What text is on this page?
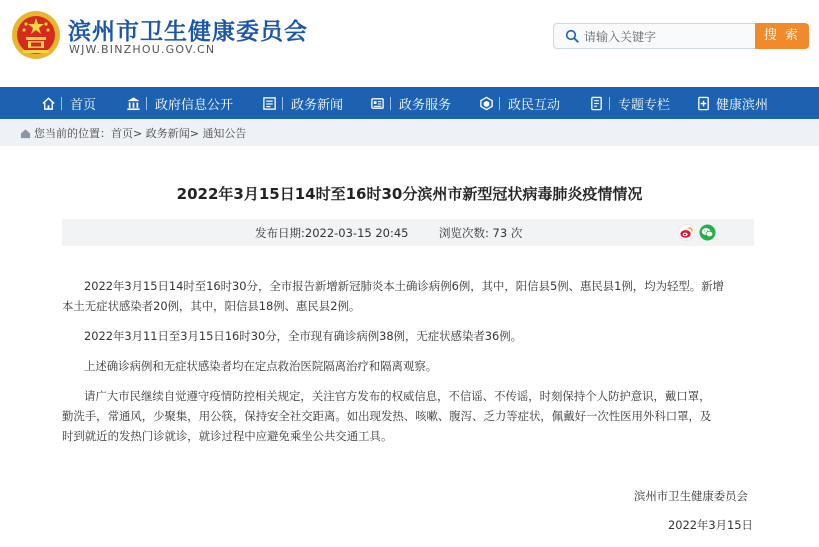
滨州市卫生健康委员会
WJW.BINZHOU.GOV.CN
请输入关键字
搜 索
首页	政府信息公开	政务新闻	政务服务	政民互动	专题专栏	健康滨州
您当前的位置： 首页 >
政务新闻 >
通知公告
2022年3月15日14时至16时30分滨州市新型冠状病毒肺炎疫情情况
发布日期:2022-03-15 20:45	浏览次数: 73 次
2022年3月15日14时至16时30分，全市报告新增新冠肺炎本土确诊病例6例，其中，阳信县5例、惠民县1例，均为轻型。新增
本土无症状感染者20例，其中，阳信县18例、惠民县2例。
2022年3月11日至3月15日16时30分，全市现有确诊病例38例，无症状感染者36例。
上述确诊病例和无症状感染者均在定点救治医院隔离治疗和隔离观察。
请广大市民继续自觉遵守疫情防控相关规定，关注官方发布的权威信息，不信谣、不传谣，时刻保持个人防护意识，戴口罩，
勤洗手，常通风，少聚集，用公筷，保持安全社交距离。如出现发热、咳嗽、腹泻、乏力等症状，佩戴好一次性医用外科口罩，及
时到就近的发热门诊就诊，就诊过程中应避免乘坐公共交通工具。
滨州市卫生健康委员会
2022年3月15日
